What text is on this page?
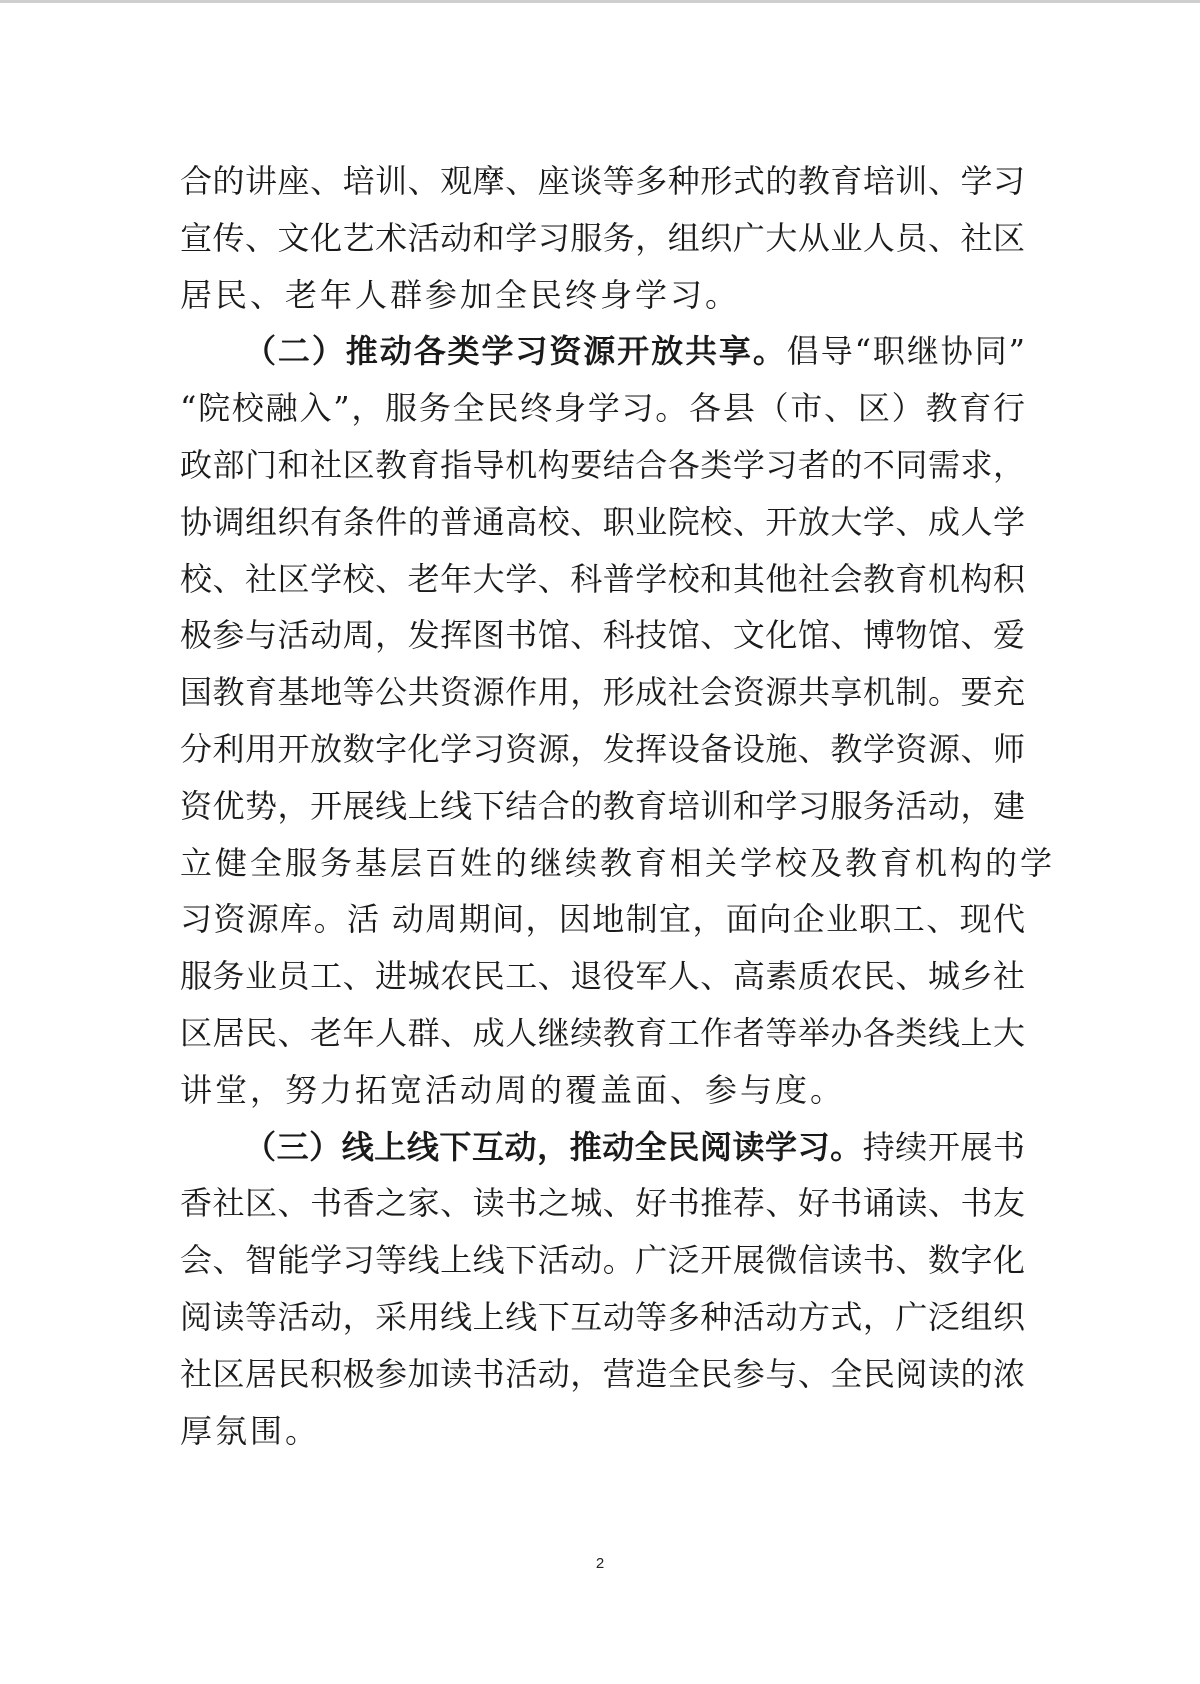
合的讲座、培训、观摩、座谈等多种形式的教育培训、学习
宣传、文化艺术活动和学习服务，组织广大从业人员、社区
居民、老年人群参加全民终身学习。
（二）推动各类学习资源开放共享。倡导“职继协同”
“院校融入”，服务全民终身学习。各县（市、区）教育行
政部门和社区教育指导机构要结合各类学习者的不同需求，
协调组织有条件的普通高校、职业院校、开放大学、成人学
校、社区学校、老年大学、科普学校和其他社会教育机构积
极参与活动周，发挥图书馆、科技馆、文化馆、博物馆、爱
国教育基地等公共资源作用，形成社会资源共享机制。要充
分利用开放数字化学习资源，发挥设备设施、教学资源、师
资优势，开展线上线下结合的教育培训和学习服务活动，建
立健全服务基层百姓的继续教育相关学校及教育机构的学
习资源库。活 动周期间，因地制宜，面向企业职工、现代
服务业员工、进城农民工、退役军人、高素质农民、城乡社
区居民、老年人群、成人继续教育工作者等举办各类线上大
讲堂，努力拓宽活动周的覆盖面、参与度。
（三）线上线下互动，推动全民阅读学习。持续开展书
香社区、书香之家、读书之城、好书推荐、好书诵读、书友
会、智能学习等线上线下活动。广泛开展微信读书、数字化
阅读等活动，采用线上线下互动等多种活动方式，广泛组织
社区居民积极参加读书活动，营造全民参与、全民阅读的浓
厚氛围。
2
